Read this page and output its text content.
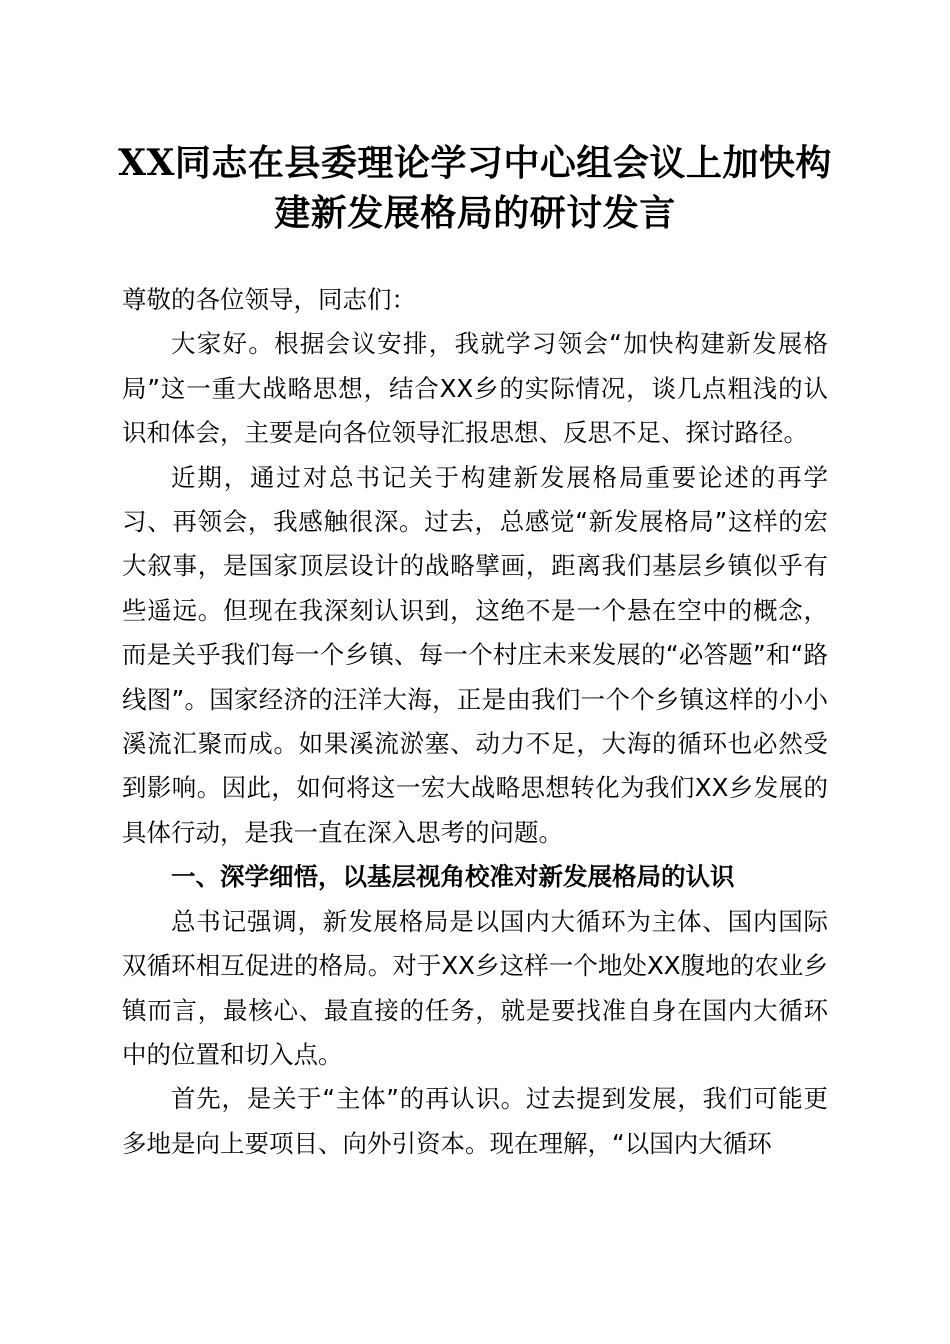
XX同志在县委理论学习中心组会议上加快构
建新发展格局的研讨发言

尊敬的各位领导，同志们：

大家好。根据会议安排，我就学习领会“加快构建新发展格局”这一重大战略思想，结合XX乡的实际情况，谈几点粗浅的认识和体会，主要是向各位领导汇报思想、反思不足、探讨路径。

近期，通过对总书记关于构建新发展格局重要论述的再学习、再领会，我感触很深。过去，总感觉“新发展格局”这样的宏大叙事，是国家顶层设计的战略擘画，距离我们基层乡镇似乎有些遥远。但现在我深刻认识到，这绝不是一个悬在空中的概念，而是关乎我们每一个乡镇、每一个村庄未来发展的“必答题”和“路线图”。国家经济的汪洋大海，正是由我们一个个乡镇这样的小小溪流汇聚而成。如果溪流淤塞、动力不足，大海的循环也必然受到影响。因此，如何将这一宏大战略思想转化为我们XX乡发展的具体行动，是我一直在深入思考的问题。

一、深学细悟，以基层视角校准对新发展格局的认识

总书记强调，新发展格局是以国内大循环为主体、国内国际双循环相互促进的格局。对于XX乡这样一个地处XX腹地的农业乡镇而言，最核心、最直接的任务，就是要找准自身在国内大循环中的位置和切入点。

首先，是关于“主体”的再认识。过去提到发展，我们可能更多地是向上要项目、向外引资本。现在理解，“以国内大循环
